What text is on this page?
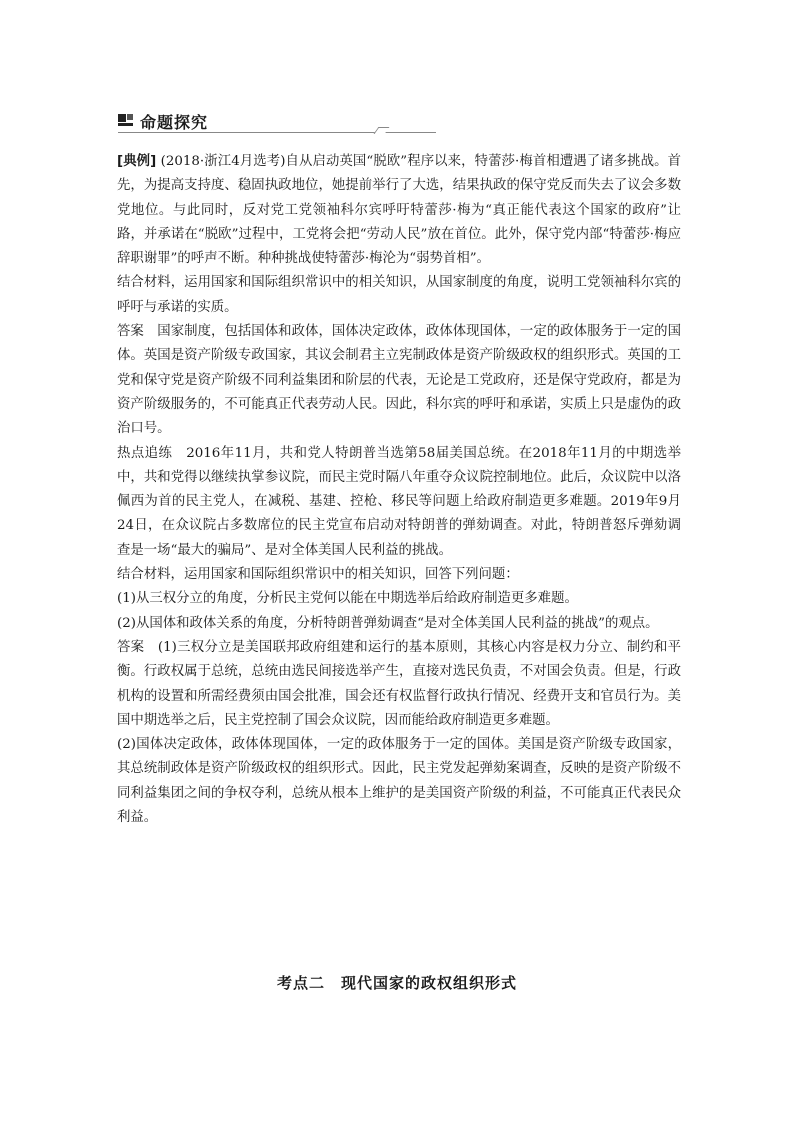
命题探究

[典例] (2018·浙江4月选考)自从启动英国“脱欧”程序以来，特蕾莎·梅首相遭遇了诸多挑战。首先，为提高支持度、稳固执政地位，她提前举行了大选，结果执政的保守党反而失去了议会多数党地位。与此同时，反对党工党领袖科尔宾呼吁特蕾莎·梅为“真正能代表这个国家的政府”让路，并承诺在“脱欧”过程中，工党将会把“劳动人民”放在首位。此外，保守党内部“特蕾莎·梅应辞职谢罪”的呼声不断。种种挑战使特蕾莎·梅沦为“弱势首相”。

结合材料，运用国家和国际组织常识中的相关知识，从国家制度的角度，说明工党领袖科尔宾的呼吁与承诺的实质。

答案　 国家制度，包括国体和政体，国体决定政体，政体体现国体，一定的政体服务于一定的国体。英国是资产阶级专政国家，其议会制君主立宪制政体是资产阶级政权的组织形式。英国的工党和保守党是资产阶级不同利益集团和阶层的代表，无论是工党政府，还是保守党政府，都是为资产阶级服务的，不可能真正代表劳动人民。因此，科尔宾的呼吁和承诺，实质上只是虚伪的政治口号。

热点追练　 2016年11月，共和党人特朗普当选第58届美国总统。在2018年11月的中期选举中，共和党得以继续执掌参议院，而民主党时隔八年重夺众议院控制地位。此后，众议院中以洛佩西为首的民主党人，在减税、基建、控枪、移民等问题上给政府制造更多难题。2019年9月24日，在众议院占多数席位的民主党宣布启动对特朗普的弹劾调查。对此，特朗普怒斥弹劾调查是一场“最大的骗局”、是对全体美国人民利益的挑战。

结合材料，运用国家和国际组织常识中的相关知识，回答下列问题：

(1)从三权分立的角度，分析民主党何以能在中期选举后给政府制造更多难题。

(2)从国体和政体关系的角度，分析特朗普弹劾调查“是对全体美国人民利益的挑战”的观点。

答案　 (1)三权分立是美国联邦政府组建和运行的基本原则，其核心内容是权力分立、制约和平衡。行政权属于总统，总统由选民间接选举产生，直接对选民负责，不对国会负责。但是，行政机构的设置和所需经费须由国会批准，国会还有权监督行政执行情况、经费开支和官员行为。美国中期选举之后，民主党控制了国会众议院，因而能给政府制造更多难题。

(2)国体决定政体，政体体现国体，一定的政体服务于一定的国体。美国是资产阶级专政国家，其总统制政体是资产阶级政权的组织形式。因此，民主党发起弹劾案调查，反映的是资产阶级不同利益集团之间的争权夺利，总统从根本上维护的是美国资产阶级的利益，不可能真正代表民众利益。

考点二　现代国家的政权组织形式
